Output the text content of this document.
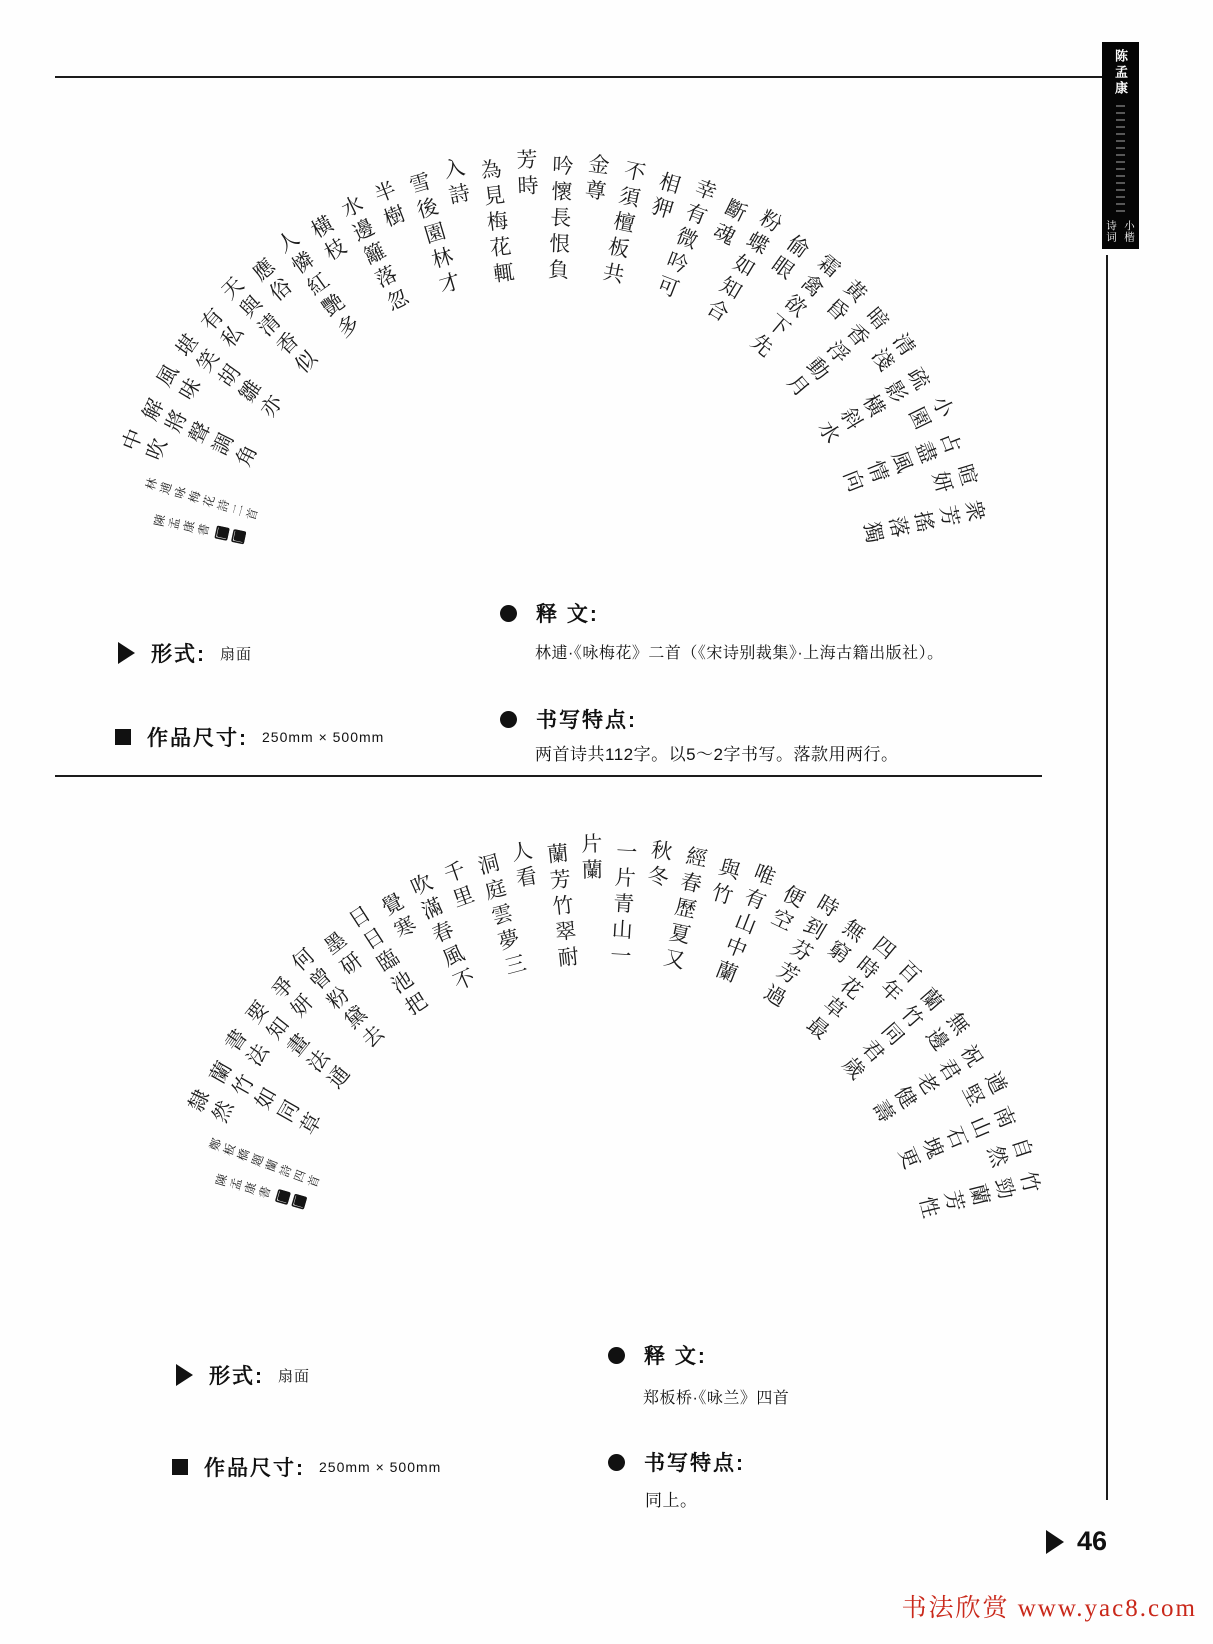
陈孟康
小楷
诗词
衆
芳
搖
落
獨
暄
妍
占
盡
風
情
向
小
園
疏
影
橫
斜
水
清
淺
暗
香
浮
動
月
黃
昏
霜
禽
欲
下
先
偷
眼
粉
蝶
如
知
合
斷
魂
幸
有
微
吟
可
相
狎
不
須
檀
板
共
金
尊
吟
懷
長
恨
負
芳
時
為
見
梅
花
輒
入
詩
雪
後
園
林
才
半
樹
水
邊
籬
落
忽
橫
枝
人
憐
紅
艷
多
應
俗
天
與
清
香
似
有
私
堪
笑
胡
雛
亦
風
味
解
將
聲
調
角
中
吹
林
逋
咏
梅
花
詩
二
首
陳
孟
康
書
形式: 扇面
作品尺寸: 250mm × 500mm
释 文:
林逋·《咏梅花》二首（《宋诗别裁集》·上海古籍出版社）。
书写特点:
两首诗共112字。以5～2字书写。落款用两行。
竹
勁
蘭
芳
性
自
然
南
山
石
塊
更
遒
堅
祝
君
老
健
壽
無
邊
蘭
竹
同
君
歲
百
年
四
時
花
草
最
無
窮
時
到
芬
芳
過
便
空
唯
有
山
中
蘭
與
竹
經
春
歷
夏
又
秋
冬
一
片
青
山
一
片
蘭
蘭
芳
竹
翠
耐
人
看
洞
庭
雲
夢
三
千
里
吹
滿
春
風
不
覺
寒
日
日
臨
池
把
墨
研
何
曾
粉
黛
去
爭
妍
要
知
畫
法
通
書
法
蘭
竹
如
同
草
隸
然
鄭
板
橋
題
蘭
詩
四
首
陳
孟
康
書
形式: 扇面
作品尺寸: 250mm × 500mm
释 文:
郑板桥·《咏兰》四首
书写特点:
同上。
46
书法欣赏 www.yac8.com
